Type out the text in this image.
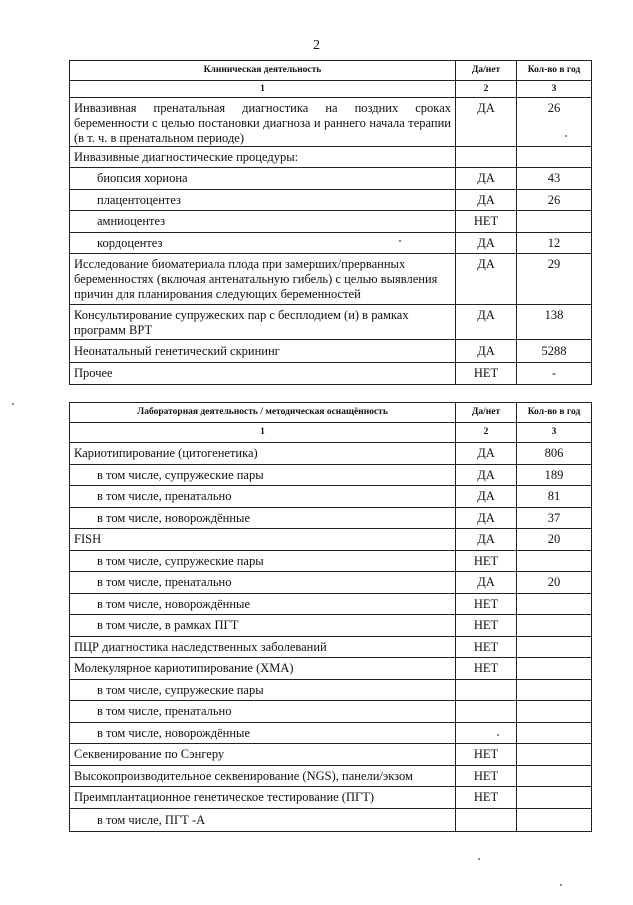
2
Клиническая деятельность	Да/нет	Кол-во в год
1	2	3
Инвазивная пренатальная диагностика на поздних сроках беременности с целью постановки диагноза и раннего начала терапии (в т. ч. в пренатальном периоде)	ДА	26
Инвазивные диагностические процедуры:		
биопсия хориона	ДА	43
плацентоцентез	ДА	26
амниоцентез	НЕТ	
кордоцентез	ДА	12
Исследование биоматериала плода при замерших/прерванных беременностях (включая антенатальную гибель) с целью выявления причин для планирования следующих беременностей	ДА	29
Консультирование супружеских пар с бесплодием (и) в рамках программ ВРТ	ДА	138
Неонатальный генетический скрининг	ДА	5288
Прочее	НЕТ	-
Лабораторная деятельность / методическая оснащённость	Да/нет	Кол-во в год
1	2	3
Кариотипирование (цитогенетика)	ДА	806
в том числе, супружеские пары	ДА	189
в том числе, пренатально	ДА	81
в том числе, новорождённые	ДА	37
FISH	ДА	20
в том числе, супружеские пары	НЕТ	
в том числе, пренатально	ДА	20
в том числе, новорождённые	НЕТ	
в том числе, в рамках ПГТ	НЕТ	
ПЦР диагностика наследственных заболеваний	НЕТ	
Молекулярное кариотипирование (ХМА)	НЕТ	
в том числе, супружеские пары		
в том числе, пренатально		
в том числе, новорождённые		
Секвенирование по Сэнгеру	НЕТ	
Высокопроизводительное секвенирование (NGS), панели/экзом	НЕТ	
Преимплантационное генетическое тестирование (ПГТ)	НЕТ	
в том числе, ПГТ -А		
